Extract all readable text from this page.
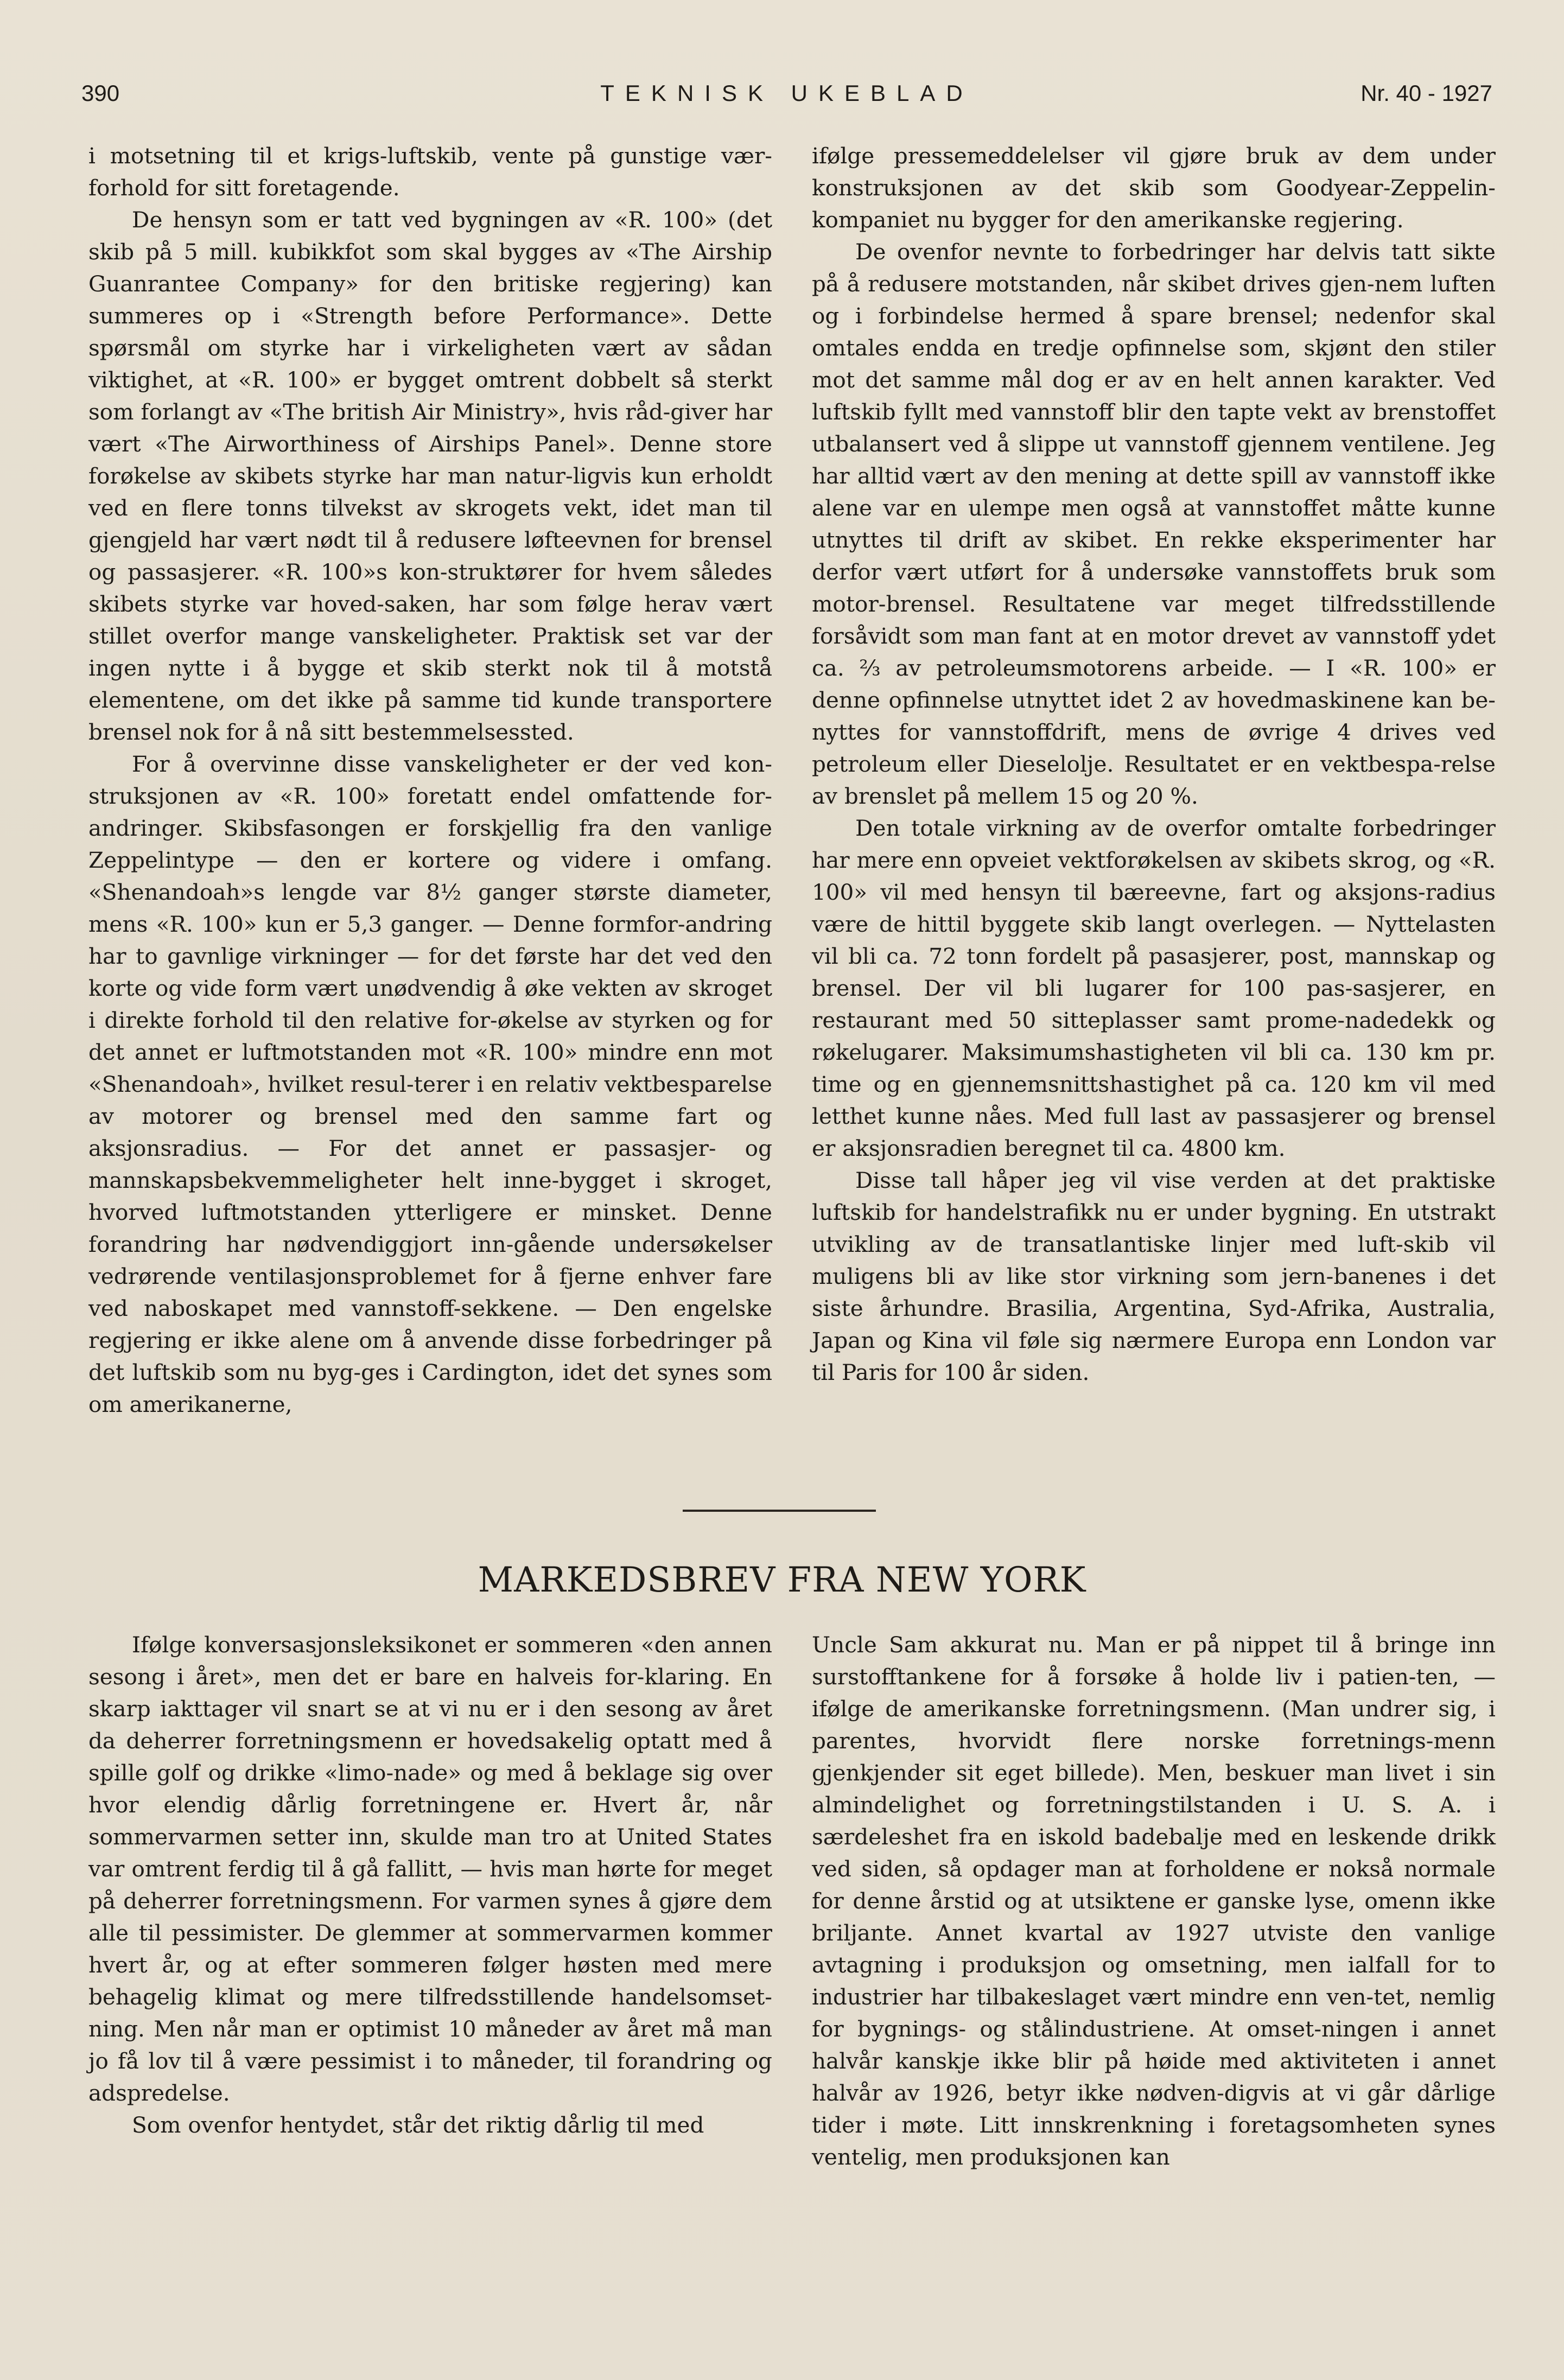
390	TEKNISK UKEBLAD	Nr. 40 - 1927

i motsetning til et krigs-luftskib, vente på gunstige vær-forhold for sitt foretagende.

De hensyn som er tatt ved bygningen av «R. 100» (det skib på 5 mill. kubikkfot som skal bygges av «The Airship Guanrantee Company» for den britiske regjering) kan summeres op i «Strength before Performance». Dette spørsmål om styrke har i virkeligheten vært av sådan viktighet, at «R. 100» er bygget omtrent dobbelt så sterkt som forlangt av «The british Air Ministry», hvis råd-giver har vært «The Airworthiness of Airships Panel». Denne store forøkelse av skibets styrke har man natur-ligvis kun erholdt ved en flere tonns tilvekst av skrogets vekt, idet man til gjengjeld har vært nødt til å redusere løfteevnen for brensel og passasjerer. «R. 100»s kon-struktører for hvem således skibets styrke var hoved-saken, har som følge herav vært stillet overfor mange vanskeligheter. Praktisk set var der ingen nytte i å bygge et skib sterkt nok til å motstå elementene, om det ikke på samme tid kunde transportere brensel nok for å nå sitt bestemmelsessted.

For å overvinne disse vanskeligheter er der ved kon-struksjonen av «R. 100» foretatt endel omfattende for-andringer. Skibsfasongen er forskjellig fra den vanlige Zeppelintype — den er kortere og videre i omfang. «Shenandoah»s lengde var 8½ ganger største diameter, mens «R. 100» kun er 5,3 ganger. — Denne formfor-andring har to gavnlige virkninger — for det første har det ved den korte og vide form vært unødvendig å øke vekten av skroget i direkte forhold til den relative for-økelse av styrken og for det annet er luftmotstanden mot «R. 100» mindre enn mot «Shenandoah», hvilket resul-terer i en relativ vektbesparelse av motorer og brensel med den samme fart og aksjonsradius. — For det annet er passasjer- og mannskapsbekvemmeligheter helt inne-bygget i skroget, hvorved luftmotstanden ytterligere er minsket. Denne forandring har nødvendiggjort inn-gående undersøkelser vedrørende ventilasjonsproblemet for å fjerne enhver fare ved naboskapet med vannstoff-sekkene. — Den engelske regjering er ikke alene om å anvende disse forbedringer på det luftskib som nu byg-ges i Cardington, idet det synes som om amerikanerne,

ifølge pressemeddelelser vil gjøre bruk av dem under konstruksjonen av det skib som Goodyear-Zeppelin-kompaniet nu bygger for den amerikanske regjering.

De ovenfor nevnte to forbedringer har delvis tatt sikte på å redusere motstanden, når skibet drives gjen-nem luften og i forbindelse hermed å spare brensel; nedenfor skal omtales endda en tredje opfinnelse som, skjønt den stiler mot det samme mål dog er av en helt annen karakter. Ved luftskib fyllt med vannstoff blir den tapte vekt av brenstoffet utbalansert ved å slippe ut vannstoff gjennem ventilene. Jeg har alltid vært av den mening at dette spill av vannstoff ikke alene var en ulempe men også at vannstoffet måtte kunne utnyttes til drift av skibet. En rekke eksperimenter har derfor vært utført for å undersøke vannstoffets bruk som motor-brensel. Resultatene var meget tilfredsstillende forsåvidt som man fant at en motor drevet av vannstoff ydet ca. ⅔ av petroleumsmotorens arbeide. — I «R. 100» er denne opfinnelse utnyttet idet 2 av hovedmaskinene kan be-nyttes for vannstoffdrift, mens de øvrige 4 drives ved petroleum eller Dieselolje. Resultatet er en vektbespa-relse av brenslet på mellem 15 og 20 %.

Den totale virkning av de overfor omtalte forbedringer har mere enn opveiet vektforøkelsen av skibets skrog, og «R. 100» vil med hensyn til bæreevne, fart og aksjons-radius være de hittil byggete skib langt overlegen. — Nyttelasten vil bli ca. 72 tonn fordelt på pasasjerer, post, mannskap og brensel. Der vil bli lugarer for 100 pas-sasjerer, en restaurant med 50 sitteplasser samt prome-nadedekk og røkelugarer. Maksimumshastigheten vil bli ca. 130 km pr. time og en gjennemsnittshastighet på ca. 120 km vil med letthet kunne nåes. Med full last av passasjerer og brensel er aksjonsradien beregnet til ca. 4800 km.

Disse tall håper jeg vil vise verden at det praktiske luftskib for handelstrafikk nu er under bygning. En utstrakt utvikling av de transatlantiske linjer med luft-skib vil muligens bli av like stor virkning som jern-banenes i det siste århundre. Brasilia, Argentina, Syd-Afrika, Australia, Japan og Kina vil føle sig nærmere Europa enn London var til Paris for 100 år siden.

MARKEDSBREV FRA NEW YORK

Ifølge konversasjonsleksikonet er sommeren «den annen sesong i året», men det er bare en halveis for-klaring. En skarp iakttager vil snart se at vi nu er i den sesong av året da deherrer forretningsmenn er hovedsakelig optatt med å spille golf og drikke «limo-nade» og med å beklage sig over hvor elendig dårlig forretningene er. Hvert år, når sommervarmen setter inn, skulde man tro at United States var omtrent ferdig til å gå fallitt, — hvis man hørte for meget på deherrer forretningsmenn. For varmen synes å gjøre dem alle til pessimister. De glemmer at sommervarmen kommer hvert år, og at efter sommeren følger høsten med mere behagelig klimat og mere tilfredsstillende handelsomset-ning. Men når man er optimist 10 måneder av året må man jo få lov til å være pessimist i to måneder, til forandring og adspredelse.

Som ovenfor hentydet, står det riktig dårlig til med

Uncle Sam akkurat nu. Man er på nippet til å bringe inn surstofftankene for å forsøke å holde liv i patien-ten, — ifølge de amerikanske forretningsmenn. (Man undrer sig, i parentes, hvorvidt flere norske forretnings-menn gjenkjender sit eget billede). Men, beskuer man livet i sin almindelighet og forretningstilstanden i U. S. A. i særdeleshet fra en iskold badebalje med en leskende drikk ved siden, så opdager man at forholdene er nokså normale for denne årstid og at utsiktene er ganske lyse, omenn ikke briljante. Annet kvartal av 1927 utviste den vanlige avtagning i produksjon og omsetning, men ialfall for to industrier har tilbakeslaget vært mindre enn ven-tet, nemlig for bygnings- og stålindustriene. At omset-ningen i annet halvår kanskje ikke blir på høide med aktiviteten i annet halvår av 1926, betyr ikke nødven-digvis at vi går dårlige tider i møte. Litt innskrenkning i foretagsomheten synes ventelig, men produksjonen kan
